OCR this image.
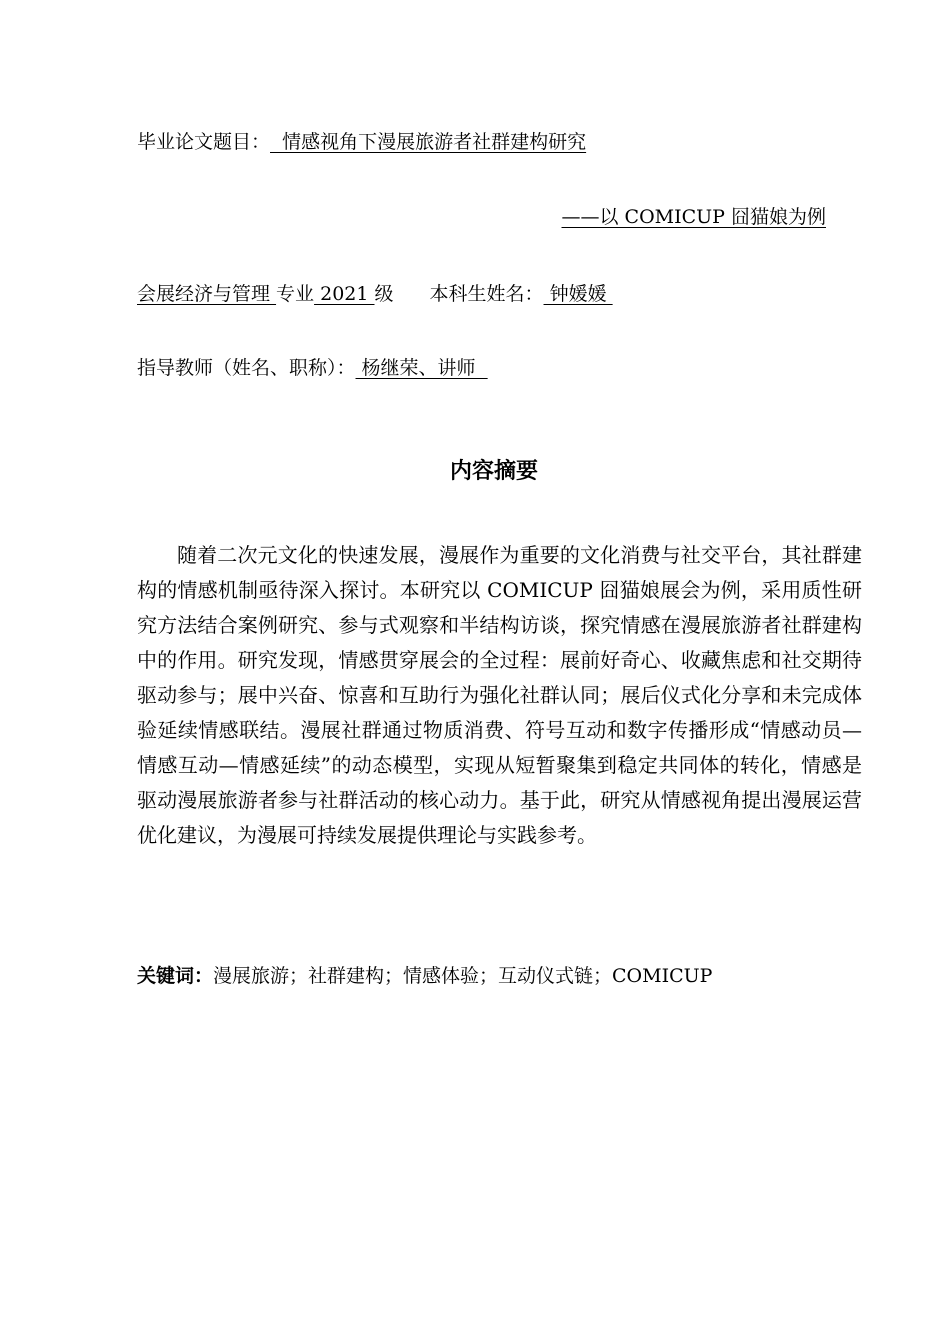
毕业论文题目：  情感视角下漫展旅游者社群建构研究
——以 COMICUP 囧猫娘为例
会展经济与管理 专业 2021 级 本科生姓名： 钟媛媛
指导教师（姓名、职称）： 杨继荣、讲师
内容摘要

随着二次元文化的快速发展，漫展作为重要的文化消费与社交平台，其社群建构的情感机制亟待深入探讨。本研究以 COMICUP 囧猫娘展会为例，采用质性研究方法结合案例研究、参与式观察和半结构访谈，探究情感在漫展旅游者社群建构中的作用。研究发现，情感贯穿展会的全过程：展前好奇心、收藏焦虑和社交期待驱动参与；展中兴奋、惊喜和互助行为强化社群认同；展后仪式化分享和未完成体验延续情感联结。漫展社群通过物质消费、符号互动和数字传播形成“情感动员—情感互动—情感延续”的动态模型，实现从短暂聚集到稳定共同体的转化，情感是驱动漫展旅游者参与社群活动的核心动力。基于此，研究从情感视角提出漫展运营优化建议，为漫展可持续发展提供理论与实践参考。

关键词：漫展旅游；社群建构；情感体验；互动仪式链；COMICUP
